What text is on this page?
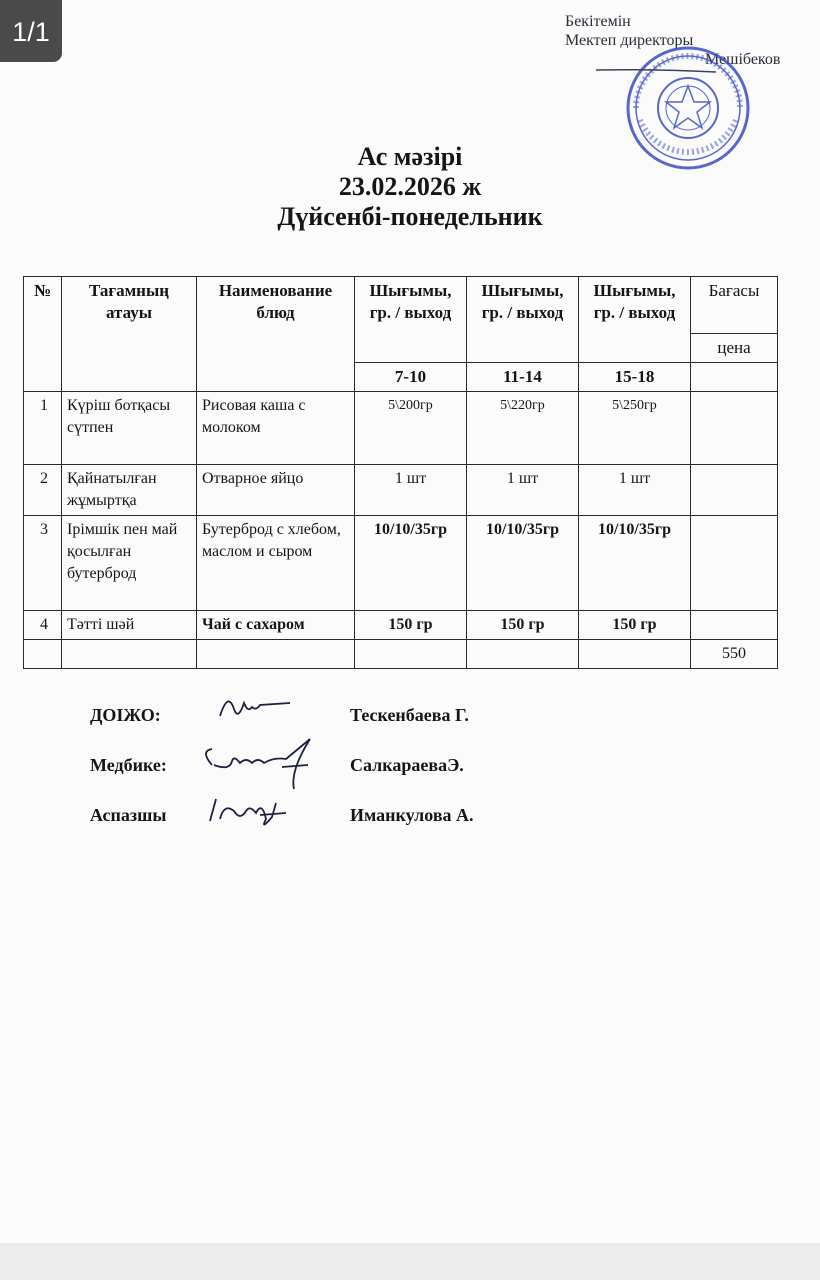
Бекітемін
Мектеп директоры
Мешiбеков
Ас мәзірі
23.02.2026 ж
Дүйсенбі-понедельник
№	Тағамның атауы	Наименование блюд	Шығымы, гр. / выход	Шығымы, гр. / выход	Шығымы, гр. / выход	Бағасы
						цена
			7-10	11-14	15-18	
1	Күріш ботқасы сүтпен	Рисовая каша с молоком	5\200гр	5\220гр	5\250гр	
2	Қайнатылған жұмыртқа	Отварное яйцо	1 шт	1 шт	1 шт	
3	Ірімшік пен май қосылған бутерброд	Бутерброд с хлебом, маслом и сыром	10/10/35гр	10/10/35гр	10/10/35гр	
4	Тәтті шәй	Чай с сахаром	150 гр	150 гр	150 гр	
						550
ДОІЖО:	Тескенбаева Г.
Медбике:	СалкараеваЭ.
Аспазшы	Иманкулова А.
1/1
